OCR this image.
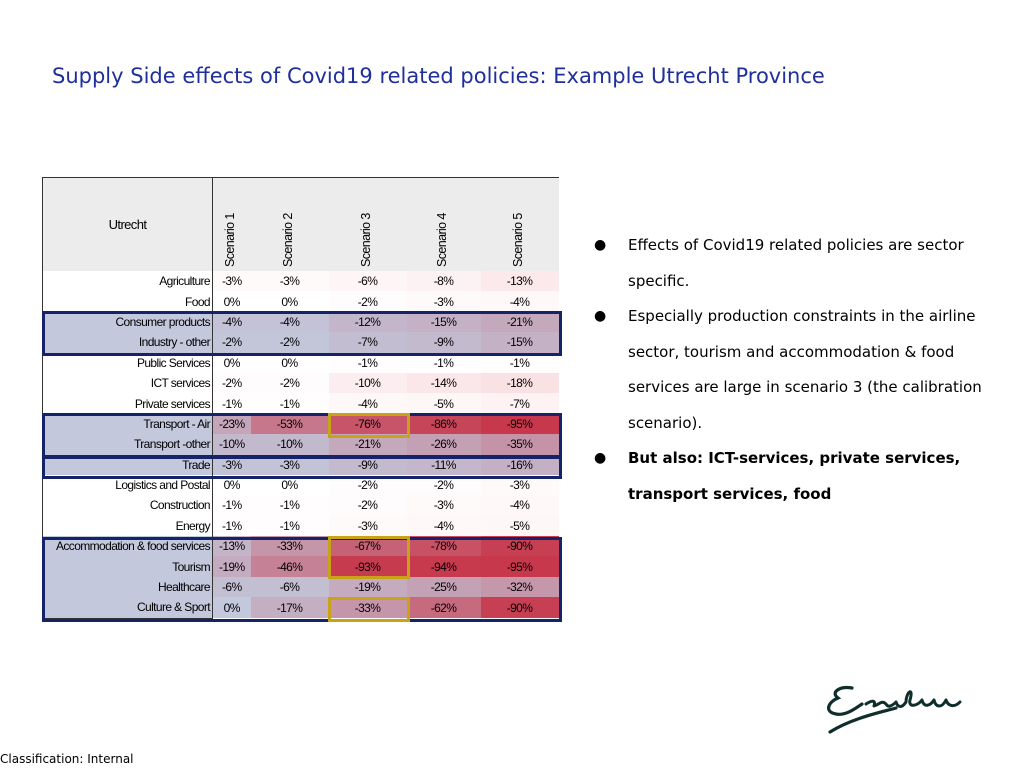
Supply Side effects of Covid19 related policies: Example Utrecht Province
Utrecht	Scenario 1	Scenario 2	Scenario 3	Scenario 4	Scenario 5

Agriculture	-3%	-3%	-6%	-8%	-13%
Food	0%	0%	-2%	-3%	-4%
Consumer products	-4%	-4%	-12%	-15%	-21%
Industry - other	-2%	-2%	-7%	-9%	-15%
Public Services	0%	0%	-1%	-1%	-1%
ICT services	-2%	-2%	-10%	-14%	-18%
Private services	-1%	-1%	-4%	-5%	-7%
Transport - Air	-23%	-53%	-76%	-86%	-95%
Transport -other	-10%	-10%	-21%	-26%	-35%
Trade	-3%	-3%	-9%	-11%	-16%
Logistics and Postal	0%	0%	-2%	-2%	-3%
Construction	-1%	-1%	-2%	-3%	-4%
Energy	-1%	-1%	-3%	-4%	-5%
Accommodation & food services	-13%	-33%	-67%	-78%	-90%
Tourism	-19%	-46%	-93%	-94%	-95%
Healthcare	-6%	-6%	-19%	-25%	-32%
Culture & Sport	0%	-17%	-33%	-62%	-90%
● Effects of Covid19 related policies are sector specific.
● Especially production constraints in the airline sector, tourism and accommodation & food services are large in scenario 3 (the calibration scenario).
● But also: ICT-services, private services, transport services, food
Classification: Internal
